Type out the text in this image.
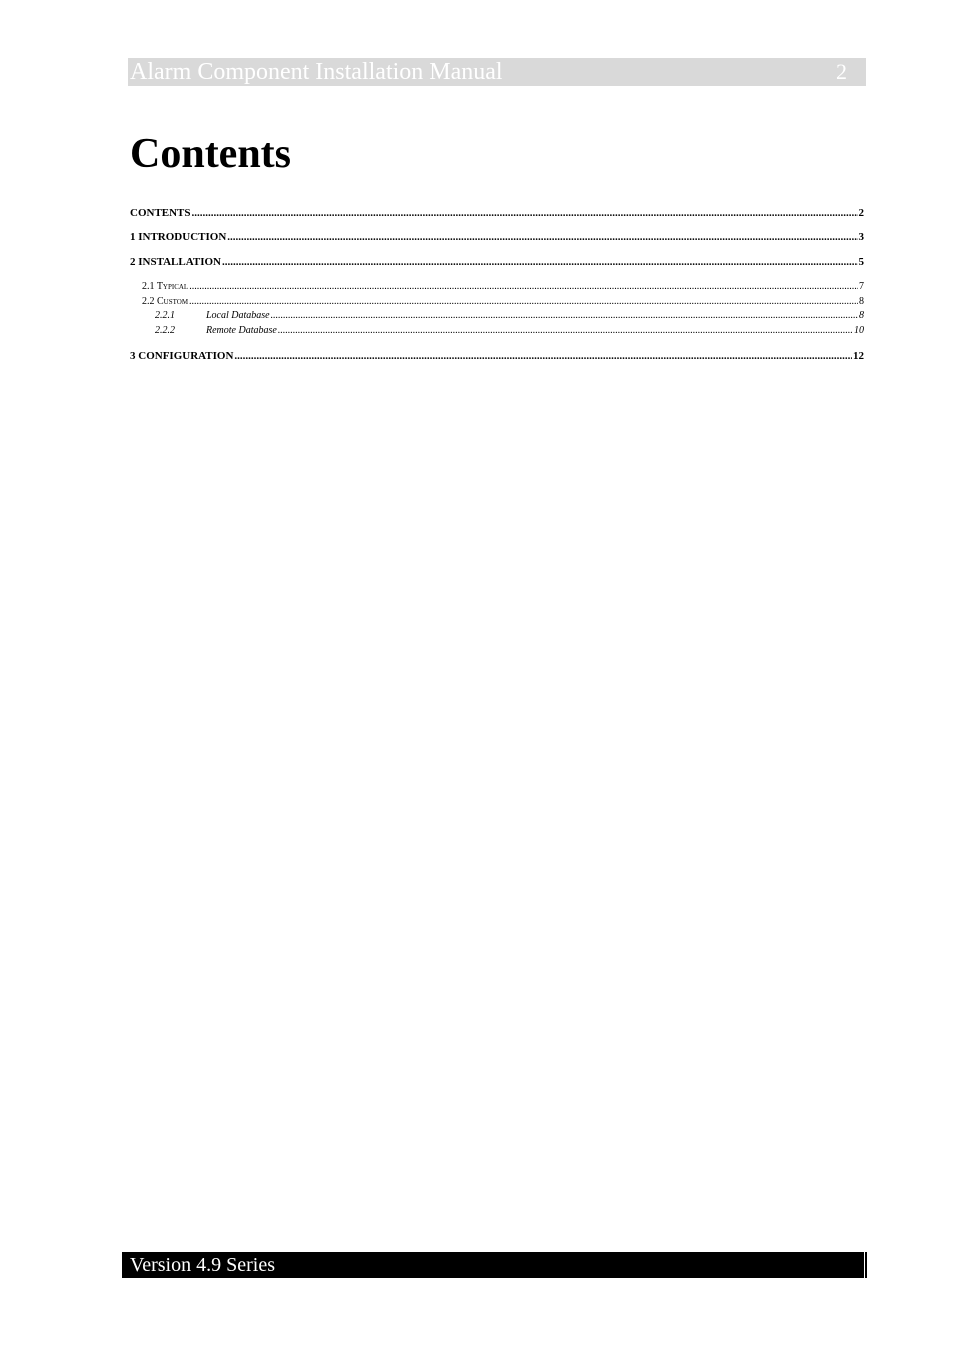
Alarm Component Installation Manual	2
Contents
CONTENTS .....	2
1 INTRODUCTION .....	3
2 INSTALLATION .....	5
2.1 Typical .....	7
2.2 Custom .....	8
2.2.1	Local Database .....	8
2.2.2	Remote Database .....	10
3 CONFIGURATION .....	12
Version 4.9 Series
